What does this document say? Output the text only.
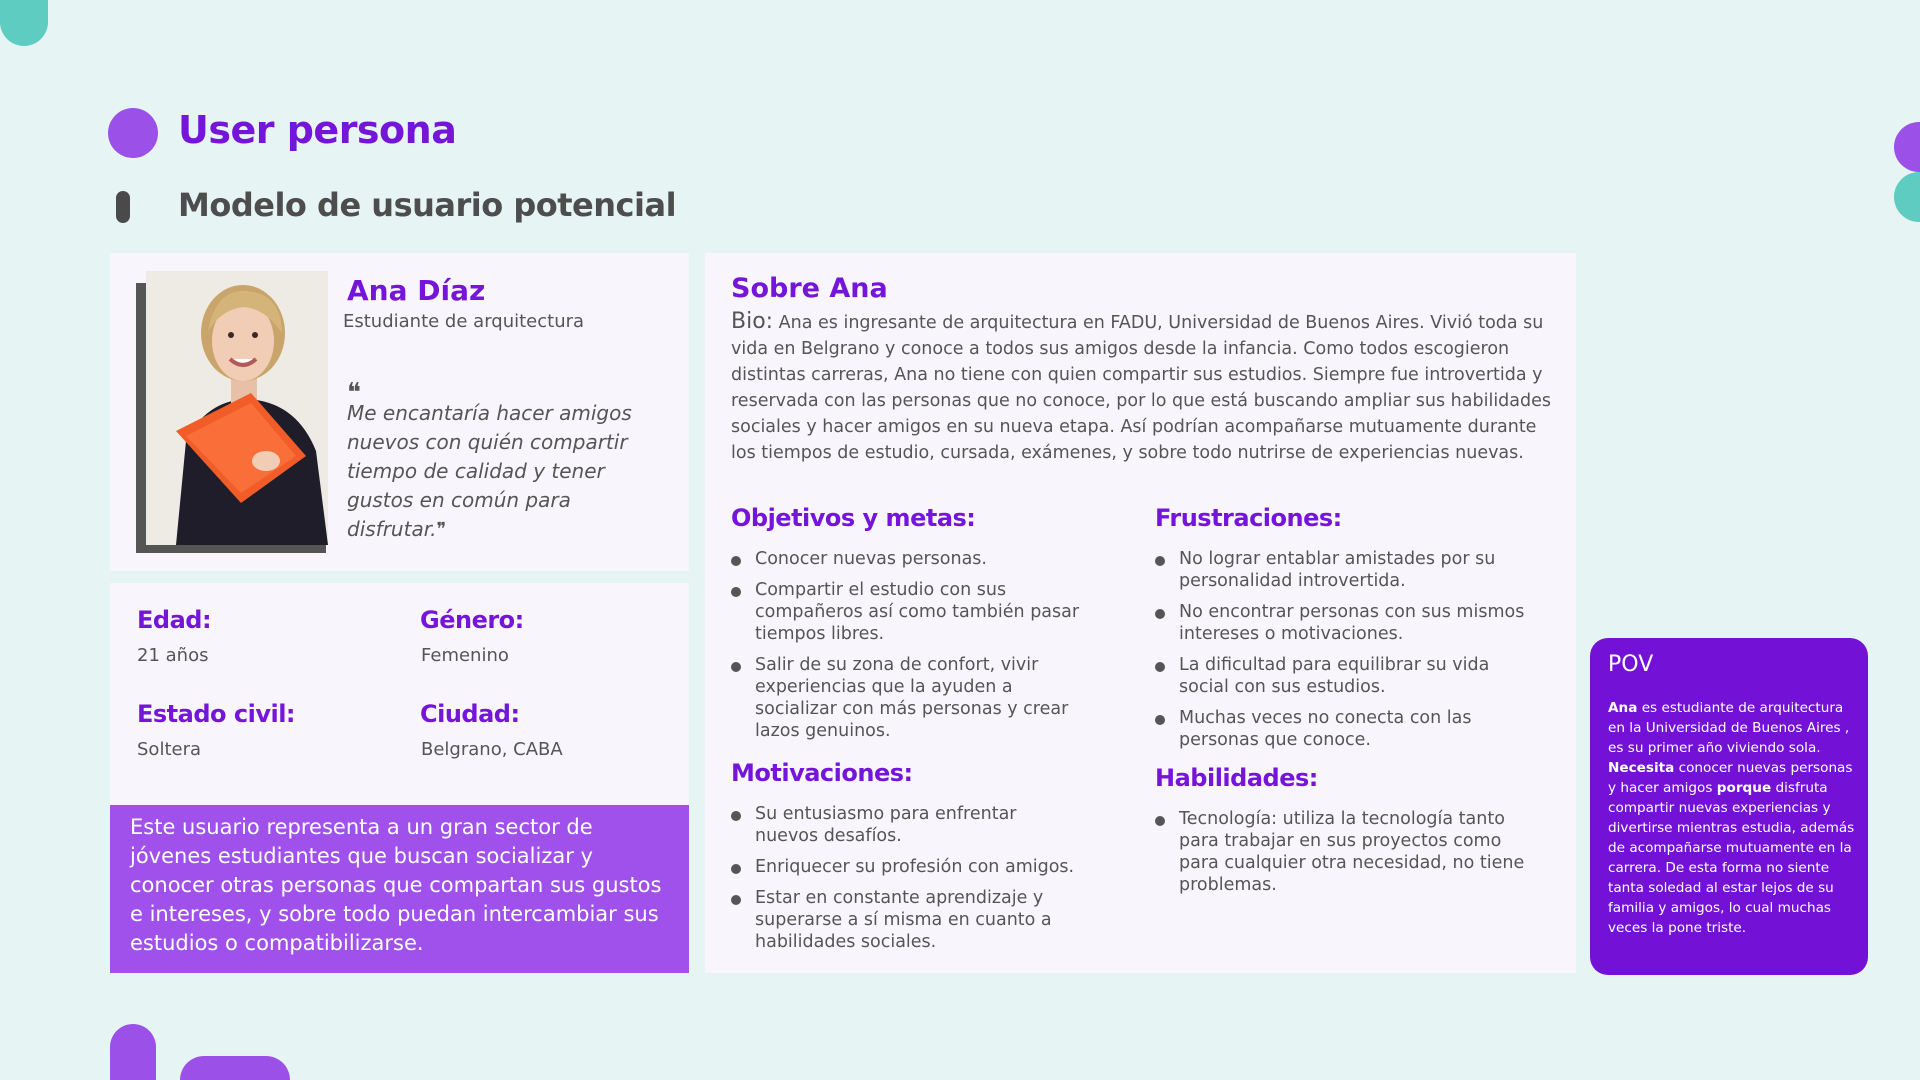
User persona
Modelo de usuario potencial
Ana Díaz
Estudiante de arquitectura
❝
Me encantaría hacer amigos nuevos con quién compartir tiempo de calidad y tener gustos en común para disfrutar.❞
Edad:
21 años
Género:
Femenino
Estado civil:
Soltera
Ciudad:
Belgrano, CABA
Este usuario representa a un gran sector de jóvenes estudiantes que buscan socializar y conocer otras personas que compartan sus gustos e intereses, y sobre todo puedan intercambiar sus estudios o compatibilizarse.
Sobre Ana
Bio: Ana es ingresante de arquitectura en FADU, Universidad de Buenos Aires. Vivió toda su vida en Belgrano y conoce a todos sus amigos desde la infancia. Como todos escogieron distintas carreras, Ana no tiene con quien compartir sus estudios. Siempre fue introvertida y reservada con las personas que no conoce, por lo que está buscando ampliar sus habilidades sociales y hacer amigos en su nueva etapa. Así podrían acompañarse mutuamente durante los tiempos de estudio, cursada, exámenes, y sobre todo nutrirse de experiencias nuevas.
Objetivos y metas:
Conocer nuevas personas.
Compartir el estudio con sus compañeros así como también pasar tiempos libres.
Salir de su zona de confort, vivir experiencias que la ayuden a socializar con más personas y crear lazos genuinos.
Motivaciones:
Su entusiasmo para enfrentar nuevos desafíos.
Enriquecer su profesión con amigos.
Estar en constante aprendizaje y superarse a sí misma en cuanto a habilidades sociales.
Frustraciones:
No lograr entablar amistades por su personalidad introvertida.
No encontrar personas con sus mismos intereses o motivaciones.
La dificultad para equilibrar su vida social con sus estudios.
Muchas veces no conecta con las personas que conoce.
Habilidades:
Tecnología: utiliza la tecnología tanto para trabajar en sus proyectos como para cualquier otra necesidad, no tiene problemas.
POV
Ana es estudiante de arquitectura en la Universidad de Buenos Aires , es su primer año viviendo sola. Necesita conocer nuevas personas y hacer amigos porque disfruta compartir nuevas experiencias y divertirse mientras estudia, además de acompañarse mutuamente en la carrera. De esta forma no siente tanta soledad al estar lejos de su familia y amigos, lo cual muchas veces la pone triste.
